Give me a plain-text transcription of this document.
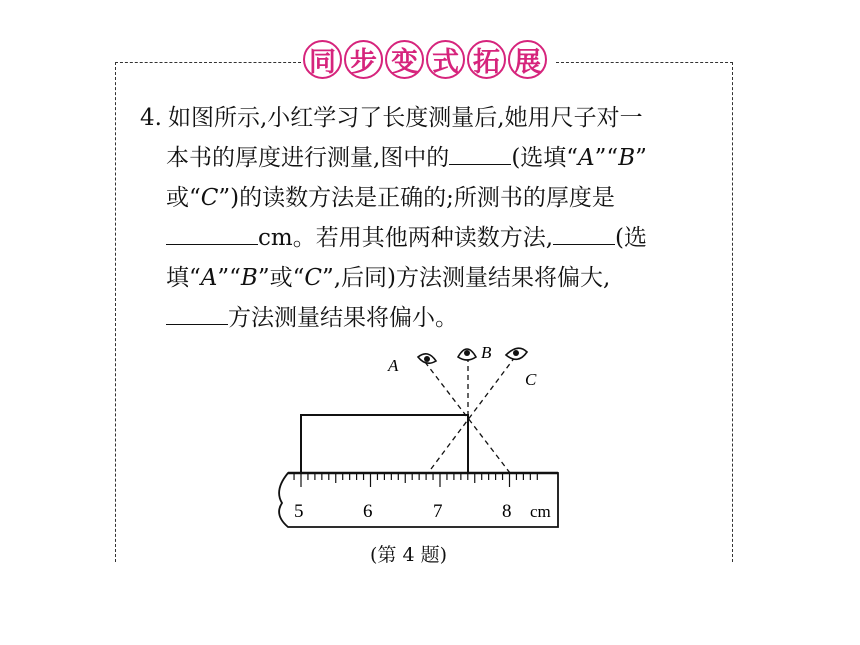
同 步 变 式 拓 展
4. 如图所示,小红学习了长度测量后,她用尺子对一
本书的厚度进行测量,图中的	(选填“A”“B”
或“C”)的读数方法是正确的;所测书的厚度是
cm。若用其他两种读数方法,	(选
填“A”“B”或“C”,后同)方法测量结果将偏大,
方法测量结果将偏小。
A
B
C
5	6	7	8 cm
(第 4 题)
